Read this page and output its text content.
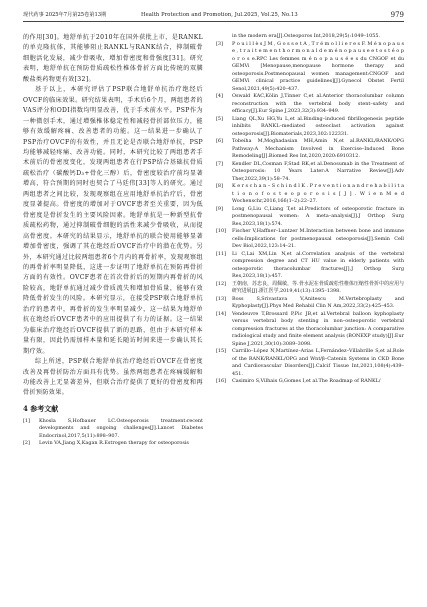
现代药事 2025年7月第25卷第13期	Health Protection and Promotion, Jul.2025, Vol.25, No.13	979

的作用[30]。地舒单抗于2010年在国外获批上市，是RANKL的单克隆抗体，其能够阻止RANKL与RANK结合，抑制破骨细胞活化发展，减少骨吸收，增加骨密度和骨强度[31]。研究表明，地舒单抗在预防骨质疏松性椎体骨折方面比传统的双膦酸盐类药物更有效[32]。

基于以上，本研究评估了PSP联合地舒单抗治疗绝经后OVCF的临床效果。研究结果表明，手术后6个月，两组患者的VAS评分和ODI指数均明显改善，优于手术前水平。PSP作为一种微创手术，通过增强椎体稳定性和减轻骨折部位压力，能够有效缓解疼痛、改善患者的功能。这一结果进一步确认了PSP治疗OVCF的有效性，并且无论是否联合地舒单抗，PSP均能够减轻疼痛、改善功能。同时，本研究比较了两组患者手术前后的骨密度变化，发现两组患者在行PSP结合基础抗骨质疏松治疗（碳酸钙D₃+骨化三醇）后，骨密度较治疗前均显著增高，符合预期的同时也契合了马廷伟[33]等人的研究。通过两组患者之间比较，发现观察组在应用地舒单抗治疗后，骨密度显著提高。骨密度的增加对于OVCF患者至关重要，因为低骨密度是骨折发生的主要风险因素。地舒单抗是一种新型抗骨质疏松药物，通过抑制破骨细胞的活性来减少骨吸收，从而提高骨密度。本研究的结果显示，地舒单抗的联合使用能够显著增加骨密度，强调了其在绝经后OVCF治疗中的潜在优势。另外，本研究通过比较两组患者6个月内的再骨折率，发现观察组的再骨折率明显降低，这进一步证明了地舒单抗在预防再骨折方面的有效性。OVCF患者在首次骨折后的短期内再骨折的风险较高，地舒单抗通过减少骨质流失和增加骨质量，能够有效降低骨折发生的风险。本研究显示，在接受PSP联合地舒单抗治疗的患者中，再骨折的发生率明显减少，这一结果为地舒单抗在绝经后OVCF患者中的应用提供了有力的证据。这一结果为临床治疗绝经后OVCF提供了新的思路，但由于本研究样本量有限，因此仍需加样本量和延长随访时间来进一步确认其长期疗效。

综上所述，PSP联合地舒单抗治疗绝经后OVCF在骨密度改善及再骨折防治方面具有优势。虽然两组患者在疼痛缓解和功能改善上无显著差异，但联合治疗提供了更好的骨密度和再骨折预防效果。

4 参考文献
[1] Khosla S,Hofbauer LC.Osteoporosis treatment:recent developments and ongoing challenges[J].Lancet Diabetes Endocrinol,2017,5(11):898–907.
[2] Levin VA,Jiang X,Kagan R.Estrogen therapy for osteoporosis

in the modern era[J].Osteoporos Int,2018,29(5):1049–1055.

[3] P o u i l l è s J M , G o s s e t A , T r é m o l l i e r e s F. M é n o p a u s e , t r a i t e m e n t h o r m o n a l d e m é n o p a u s e e t o s t é o p o r o s e.RPC Les femmes m é n o p a u s é e s du CNGOF et du GEMVi [Menopause,menopause hormone therapy and osteoporosis.Postmenopausal women management:CNGOF and GEMVi clinical practice guidelines][J].Gynecol Obstet Fertil Senol,2021,49(5):420–437.
[4] Oswald KAC,Kölin J,Tinner C,et al.Anterior thoracolumbar column reconstruction with the vertebral body stent–safety and efficacy[J].Eur Spine J,2023,32(3):934–949.
[5] Liang QL,Xu HG,Yu L,et al.Binding–induced fibrillogenesis peptide inhibits RANKL–mediated osteoclast activation against osteoporosis[J].Biomaterials,2023,302:122331.
[6] Tobeiha M,Moghadasian MH,Amin N,et al.RANKL/RANK/OPG Pathway:A Mechanism Involved in Exercise–Induced Bone Remodeling[J].Biomed Res Int,2020,2020:6910312.
[7] Kendler DL,Cosman F,Stad RK,et al.Denosumab in the Treatment of Osteoporosis: 10 Years Later:A Narrative Review[J].Adv Ther,2022,39(1):58–74.
[8] K e r s c h a n – S c h i n d l K . P r e v e n t i o n a n d r e h a b i l i t a t i o n o f o s t e o p o r o s i s [ J ] . W i e n M e d Wochenschr,2016,166(1–2):22–27.
[9] Long G,Liu C,Liang T,et al.Predictors of osteoporotic fracture in postmenopausal women: A meta–analysis[J].J Orthop Surg Res,2023,18(1):574.
[10] Fischer V,Haffner–Luntzer M.Interaction between bone and immune cells:Implications for postmenopausal osteoporosis[J].Semin Cell Dev Biol,2022,123:14–21.
[11] Li C,Lai XM,Lin N,et al.Correlation analysis of the vertebral compression degree and CT HU value in elderly patients with osteoporotic thoracolumbar fractures[J].J Orthop Surg Res,2023,18(1):457.
[12] 王朝南，苏忠良，周佩敏，等.骨水泥在骨质疏松性椎体压缩性骨折中的应用与研究进展[J].浙江医学,2019,41(13):1395–1398.
[13] Boss S,Srivastava V,Anitescu M.Vertebroplasty and Kyphoplasty[J].Phys Med Rehabil Clin N Am,2022,33(2):425–453.
[14] Vendeuvre T,Brossard P,Pic JB,et al.Vertebral balloon kyphoplasty versus vertebral body stenting in non–osteoporotic vertebral compression fractures at the thoracolumbar junction: A comparative radiological study and finite element analysis (BONEXP study)[J].Eur Spine J,2021,30(10):3089–3098.
[15] Carrillo–López N,Martínez–Arias L,Fernández–Villabrille S,et al.Role of the RANK/RANKL/OPG and Wnt/β–Catenin Systems in CKD Bone and Cardiovascular Disorders[J].Calcif Tissue Int,2021,108(4):439–451.
[16] Casimiro S,Vilhais G,Gomes I,et al.The Roadmap of RANKL/
